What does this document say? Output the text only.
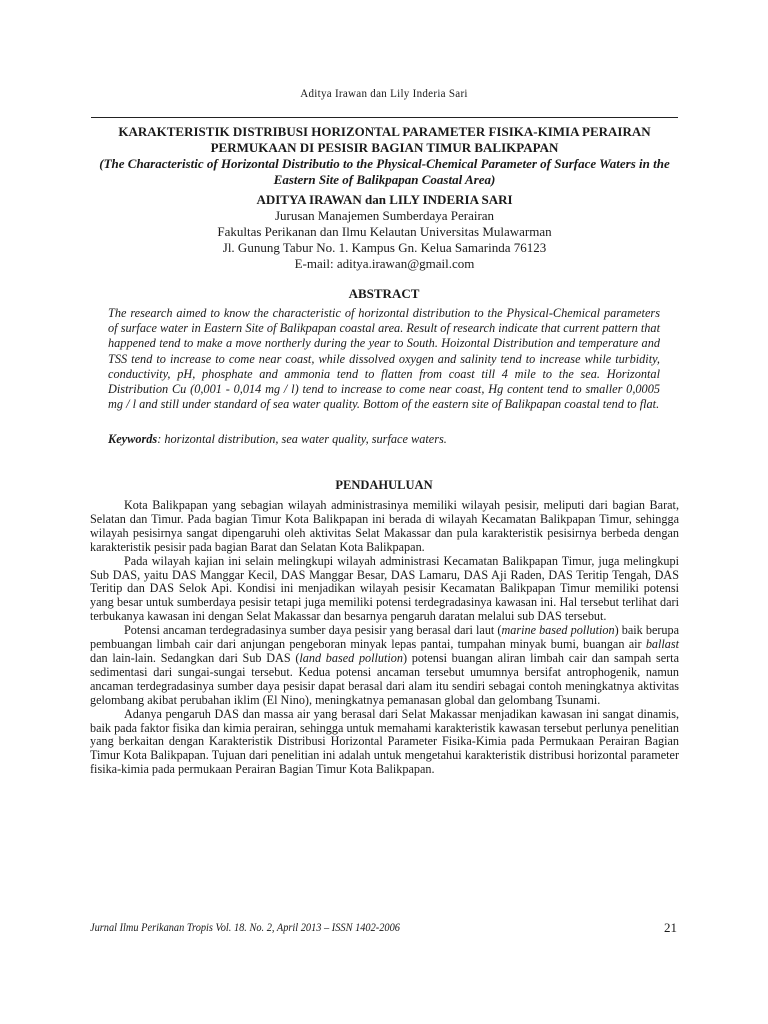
Aditya Irawan dan Lily Inderia Sari

KARAKTERISTIK DISTRIBUSI HORIZONTAL PARAMETER FISIKA-KIMIA PERAIRAN PERMUKAAN DI PESISIR BAGIAN TIMUR BALIKPAPAN

(The Characteristic of Horizontal Distributio to the Physical-Chemical Parameter of Surface Waters in the Eastern Site of Balikpapan Coastal Area)

ADITYA IRAWAN dan LILY INDERIA SARI

Jurusan Manajemen Sumberdaya Perairan

Fakultas Perikanan dan Ilmu Kelautan Universitas Mulawarman

Jl. Gunung Tabur No. 1. Kampus Gn. Kelua Samarinda 76123

E-mail: aditya.irawan@gmail.com

ABSTRACT

The research aimed to know the characteristic of horizontal distribution to the Physical-Chemical parameters of surface water in Eastern Site of Balikpapan coastal area. Result of research indicate that current pattern that happened tend to make a move northerly during the year to South. Hoizontal Distribution and temperature and TSS tend to increase to come near coast, while dissolved oxygen and salinity tend to increase while turbidity, conductivity, pH, phosphate and ammonia tend to flatten from coast till 4 mile to the sea. Horizontal Distribution Cu (0,001 - 0,014 mg / l) tend to increase to come near coast, Hg content tend to smaller 0,0005 mg / l and still under standard of sea water quality. Bottom of the eastern site of Balikpapan coastal tend to flat.

Keywords: horizontal distribution, sea water quality, surface waters.

PENDAHULUAN

Kota Balikpapan yang sebagian wilayah administrasinya memiliki wilayah pesisir, meliputi dari bagian Barat, Selatan dan Timur. Pada bagian Timur Kota Balikpapan ini berada di wilayah Kecamatan Balikpapan Timur, sehingga wilayah pesisirnya sangat dipengaruhi oleh aktivitas Selat Makassar dan pula karakteristik pesisirnya berbeda dengan karakteristik pesisir pada bagian Barat dan Selatan Kota Balikpapan.

Pada wilayah kajian ini selain melingkupi wilayah administrasi Kecamatan Balikpapan Timur, juga melingkupi Sub DAS, yaitu DAS Manggar Kecil, DAS Manggar Besar, DAS Lamaru, DAS Aji Raden, DAS Teritip Tengah, DAS Teritip dan DAS Selok Api. Kondisi ini menjadikan wilayah pesisir Kecamatan Balikpapan Timur memiliki potensi yang besar untuk sumberdaya pesisir tetapi juga memiliki potensi terdegradasinya kawasan ini. Hal tersebut terlihat dari terbukanya kawasan ini dengan Selat Makassar dan besarnya pengaruh daratan melalui sub DAS tersebut.

Potensi ancaman terdegradasinya sumber daya pesisir yang berasal dari laut (marine based pollution) baik berupa pembuangan limbah cair dari anjungan pengeboran minyak lepas pantai, tumpahan minyak bumi, buangan air ballast dan lain-lain. Sedangkan dari Sub DAS (land based pollution) potensi buangan aliran limbah cair dan sampah serta sedimentasi dari sungai-sungai tersebut. Kedua potensi ancaman tersebut umumnya bersifat antrophogenik, namun ancaman terdegradasinya sumber daya pesisir dapat berasal dari alam itu sendiri sebagai contoh meningkatnya aktivitas gelombang akibat perubahan iklim (El Nino), meningkatnya pemanasan global dan gelombang Tsunami.

Adanya pengaruh DAS dan massa air yang berasal dari Selat Makassar menjadikan kawasan ini sangat dinamis, baik pada faktor fisika dan kimia perairan, sehingga untuk memahami karakteristik kawasan tersebut perlunya penelitian yang berkaitan dengan Karakteristik Distribusi Horizontal Parameter Fisika-Kimia pada Permukaan Perairan Bagian Timur Kota Balikpapan. Tujuan dari penelitian ini adalah untuk mengetahui karakteristik distribusi horizontal parameter fisika-kimia pada permukaan Perairan Bagian Timur Kota Balikpapan.

Jurnal Ilmu Perikanan Tropis Vol. 18. No. 2, April 2013 – ISSN 1402-2006	21
